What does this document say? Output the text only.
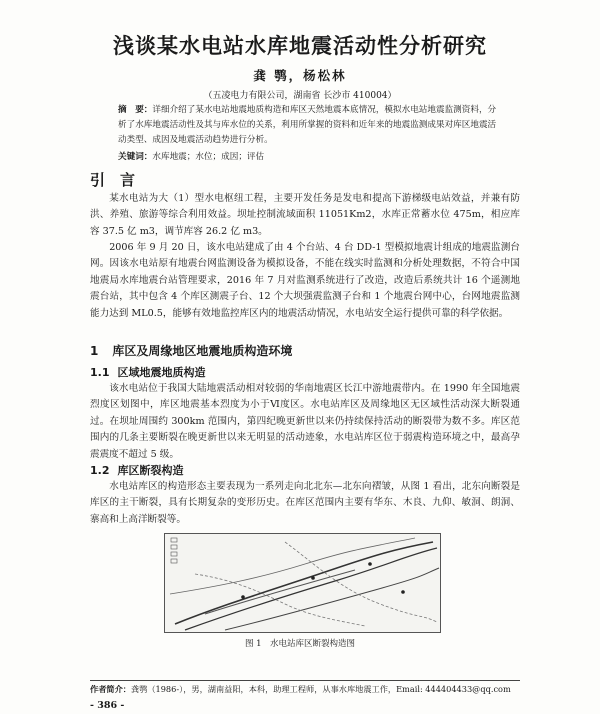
浅谈某水电站水库地震活动性分析研究
龚 鹗，杨松林
（五凌电力有限公司，湖南省 长沙市 410004）
摘　要：详细介绍了某水电站地震地质构造和库区天然地震本底情况，模拟水电站地震监测资料，分析了水库地震活动性及其与库水位的关系，利用所掌握的资料和近年来的地震监测成果对库区地震活动类型、成因及地震活动趋势进行分析。
关键词：水库地震；水位；成因；评估
引　言
某水电站为大（1）型水电枢纽工程，主要开发任务是发电和提高下游梯级电站效益，并兼有防洪、养殖、旅游等综合利用效益。坝址控制流域面积 11051Km2，水库正常蓄水位 475m，相应库容 37.5 亿 m3，调节库容 26.2 亿 m3。
2006 年 9 月 20 日，该水电站建成了由 4 个台站、4 台 DD-1 型模拟地震计组成的地震监测台网。因该水电站原有地震台网监测设备为模拟设备，不能在线实时监测和分析处理数据，不符合中国地震局水库地震台站管理要求，2016 年 7 月对监测系统进行了改造，改造后系统共计 16 个遥测地震台站，其中包含 4 个库区测震子台、12 个大坝强震监测子台和 1 个地震台网中心，台网地震监测能力达到 ML0.5，能够有效地监控库区内的地震活动情况，水电站安全运行提供可靠的科学依据。
1 库区及周缘地区地震地质构造环境
1.1 区域地震地质构造
该水电站位于我国大陆地震活动相对较弱的华南地震区长江中游地震带内。在 1990 年全国地震烈度区划图中，库区地震基本烈度为小于Ⅵ度区。水电站库区及周缘地区无区域性活动深大断裂通过。在坝址周围约 300km 范围内，第四纪晚更新世以来仍持续保持活动的断裂带为数不多。库区范围内的几条主要断裂在晚更新世以来无明显的活动迹象，水电站库区位于弱震构造环境之中，最高孕震震度不超过 5 级。
1.2 库区断裂构造
水电站库区的构造形态主要表现为一系列走向北北东—北东向褶皱，从图 1 看出，北东向断裂是库区的主干断裂，具有长期复杂的变形历史。在库区范围内主要有华东、木良、九仰、敏洞、朗洞、寨高和上高洋断裂等。
图 1　水电站库区断裂构造图
作者简介：龚鹗（1986-），男，湖南益阳，本科，助理工程师，从事水库地震工作，Email: 444404433@qq.com
- 386 -
